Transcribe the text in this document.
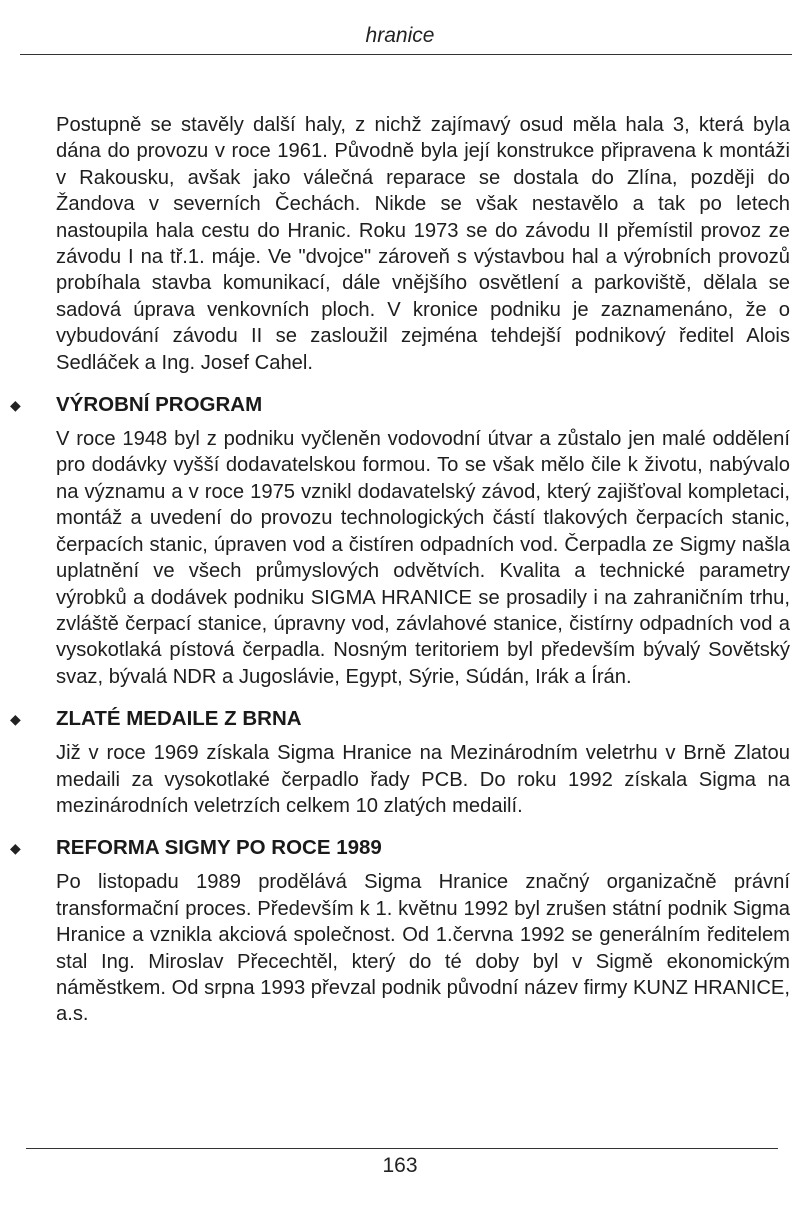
hranice

Postupně se stavěly další haly, z nichž zajímavý osud měla hala 3, která byla dána do provozu v roce 1961. Původně byla její konstrukce připravena k montáži v Rakousku, avšak jako válečná reparace se dostala do Zlína, později do Žandova v severních Čechách. Nikde se však nestavělo a tak po letech nastoupila hala cestu do Hranic. Roku 1973 se do závodu II přemístil provoz ze závodu I na tř.1. máje. Ve "dvojce" zároveň s výstavbou hal a výrobních provozů probíhala stavba komunikací, dále vnějšího osvětlení a parkoviště, dělala se sadová úprava venkovních ploch. V kronice podniku je zaznamenáno, že o vybudování závodu II se zasloužil zejména tehdejší podnikový ředitel Alois Sedláček a Ing. Josef Cahel.

◆ VÝROBNÍ PROGRAM

V roce 1948 byl z podniku vyčleněn vodovodní útvar a zůstalo jen malé oddělení pro dodávky vyšší dodavatelskou formou. To se však mělo čile k životu, nabývalo na významu a v roce 1975 vznikl dodavatelský závod, který zajišťoval kompletaci, montáž a uvedení do provozu technologických částí tlakových čerpacích stanic, čerpacích stanic, úpraven vod a čistíren odpadních vod. Čerpadla ze Sigmy našla uplatnění ve všech průmyslových odvětvích. Kvalita a technické parametry výrobků a dodávek podniku SIGMA HRANICE se prosadily i na zahraničním trhu, zvláště čerpací stanice, úpravny vod, závlahové stanice, čistírny odpadních vod a vysokotlaká pístová čerpadla. Nosným teritoriem byl především bývalý Sovětský svaz, bývalá NDR a Jugoslávie, Egypt, Sýrie, Súdán, Irák a Írán.

◆ ZLATÉ MEDAILE Z BRNA

Již v roce 1969 získala Sigma Hranice na Mezinárodním veletrhu v Brně Zlatou medaili za vysokotlaké čerpadlo řady PCB. Do roku 1992 získala Sigma na mezinárodních veletrzích celkem 10 zlatých medailí.

◆ REFORMA SIGMY PO ROCE 1989

Po listopadu 1989 prodělává Sigma Hranice značný organizačně právní transformační proces. Především k 1. květnu 1992 byl zrušen státní podnik Sigma Hranice a vznikla akciová společnost. Od 1.června 1992 se generálním ředitelem stal Ing. Miroslav Přecechtěl, který do té doby byl v Sigmě ekonomickým náměstkem. Od srpna 1993 převzal podnik původní název firmy KUNZ HRANICE, a.s.

163
